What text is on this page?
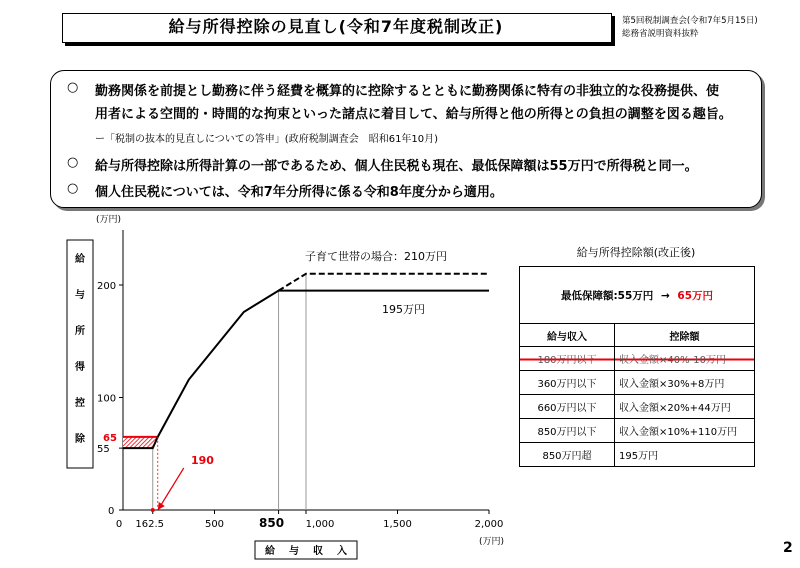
給与所得控除の見直し(令和7年度税制改正)	第5回税制調査会(令和7年5月15日)
総務省説明資料抜粋
○ 勤務関係を前提とし勤務に伴う経費を概算的に控除するとともに勤務関係に特有の非独立的な役務提供、使
用者による空間的・時間的な拘束といった諸点に着目して、給与所得と他の所得との負担の調整を図る趣旨。
ー「税制の抜本的見直しについての答申」(政府税制調査会　昭和61年10月)
○ 給与所得控除は所得計算の一部であるため、個人住民税も現在、最低保障額は55万円で所得税と同一。
○ 個人住民税については、令和7年分所得に係る令和8年度分から適用。
0
55
100
200
0 162.5	500	850 1,000	1,500	2,000
(万円)
(万円)
給
与
所
得
控
除
給 与 収 入
190
65
子育て世帯の場合：210万円
195万円
給与所得控除額(改正後)
最低保障額:55万円 → 65万円	
給与収入	控除額
180万円以下	収入金額×40%-10万円
360万円以下	収入金額×30%+8万円
660万円以下	収入金額×20%+44万円
850万円以下	収入金額×10%+110万円
850万円超	195万円
2
